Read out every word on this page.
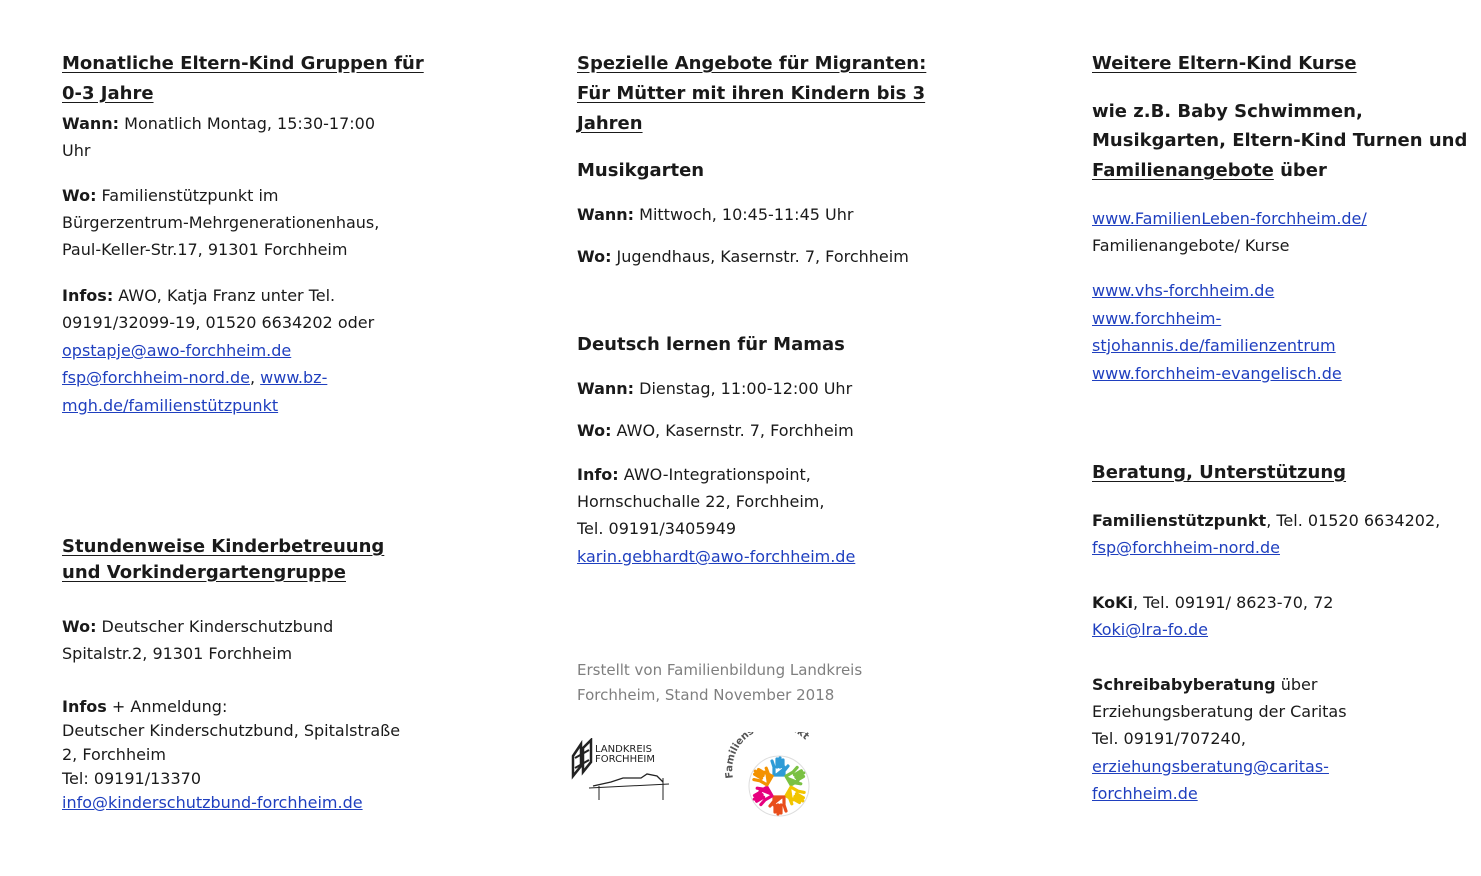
Monatliche Eltern-Kind Gruppen für
0-3 Jahre
Wann: Monatlich Montag, 15:30-17:00
Uhr
Wo: Familienstützpunkt im
Bürgerzentrum-Mehrgenerationenhaus,
Paul-Keller-Str.17, 91301 Forchheim
Infos: AWO, Katja Franz unter Tel.
09191/32099-19, 01520 6634202 oder
opstapje@awo-forchheim.de
fsp@forchheim-nord.de, www.bz-
mgh.de/familienstützpunkt
Stundenweise Kinderbetreuung
und Vorkindergartengruppe
Wo: Deutscher Kinderschutzbund
Spitalstr.2, 91301 Forchheim
Infos + Anmeldung:
Deutscher Kinderschutzbund, Spitalstraße
2, Forchheim
Tel: 09191/13370
info@kinderschutzbund-forchheim.de
Spezielle Angebote für Migranten:
Für Mütter mit ihren Kindern bis 3
Jahren
Musikgarten
Wann: Mittwoch, 10:45-11:45 Uhr
Wo: Jugendhaus, Kasernstr. 7, Forchheim
Deutsch lernen für Mamas
Wann: Dienstag, 11:00-12:00 Uhr
Wo: AWO, Kasernstr. 7, Forchheim
Info: AWO-Integrationspoint,
Hornschuchalle 22, Forchheim,
Tel. 09191/3405949
karin.gebhardt@awo-forchheim.de
Erstellt von Familienbildung Landkreis
Forchheim, Stand November 2018
LANDKREIS
FORCHHEIM
Familien kt
Weitere Eltern-Kind Kurse
wie z.B. Baby Schwimmen,
Musikgarten, Eltern-Kind Turnen und
Familienangebote über
www.FamilienLeben-forchheim.de/
Familienangebote/ Kurse
www.vhs-forchheim.de
www.forchheim-
stjohannis.de/familienzentrum
www.forchheim-evangelisch.de
Beratung, Unterstützung
Familienstützpunkt, Tel. 01520 6634202,
fsp@forchheim-nord.de
KoKi, Tel. 09191/ 8623-70, 72
Koki@lra-fo.de
Schreibabyberatung über
Erziehungsberatung der Caritas
Tel. 09191/707240,
erziehungsberatung@caritas-
forchheim.de
